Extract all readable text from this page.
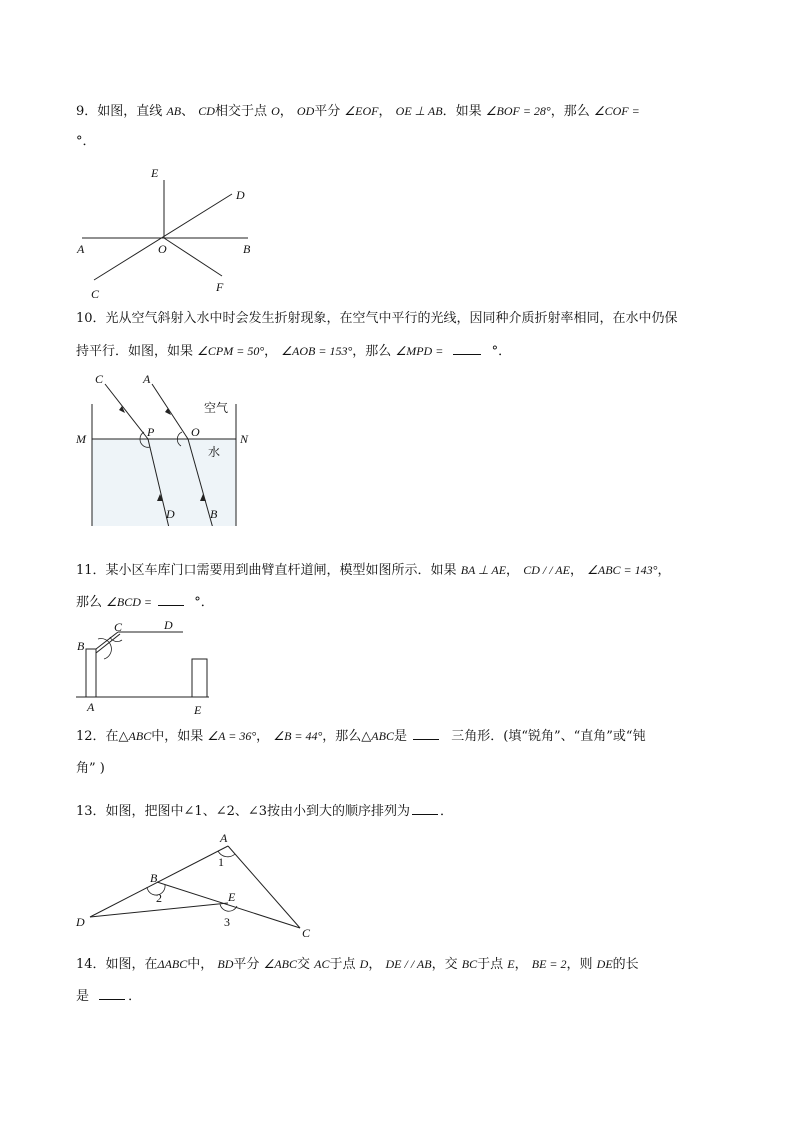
9．如图，直线 AB、 CD相交于点 O， OD平分 ∠EOF， OE ⊥ AB．如果 ∠BOF = 28°，那么 ∠COF =
°．
E
D
A	O	B
C	F
10．光从空气斜射入水中时会发生折射现象，在空气中平行的光线，因同种介质折射率相同，在水中仍保
持平行．如图，如果 ∠CPM = 50°， ∠AOB = 153°，那么 ∠MPD =	°．
C	A
空气
M	P	O	N
水
D	B
11．某小区车库门口需要用到曲臂直杆道闸，模型如图所示．如果 BA ⊥ AE， CD / / AE， ∠ABC = 143°，
那么 ∠BCD =	°．
B
C	D
A	E
12．在△ABC中，如果 ∠A = 36°， ∠B = 44°，那么△ABC是	三角形．(填“锐角”、“直角”或“钝
角” )
13．如图，把图中∠1、∠2、∠3按由小到大的顺序排列为 ．
A
1
B
E
2
D	3
C
14．如图，在ΔABC中， BD平分 ∠ABC交 AC于点 D， DE / / AB，交 BC于点 E， BE = 2，则 DE的长
是	．
